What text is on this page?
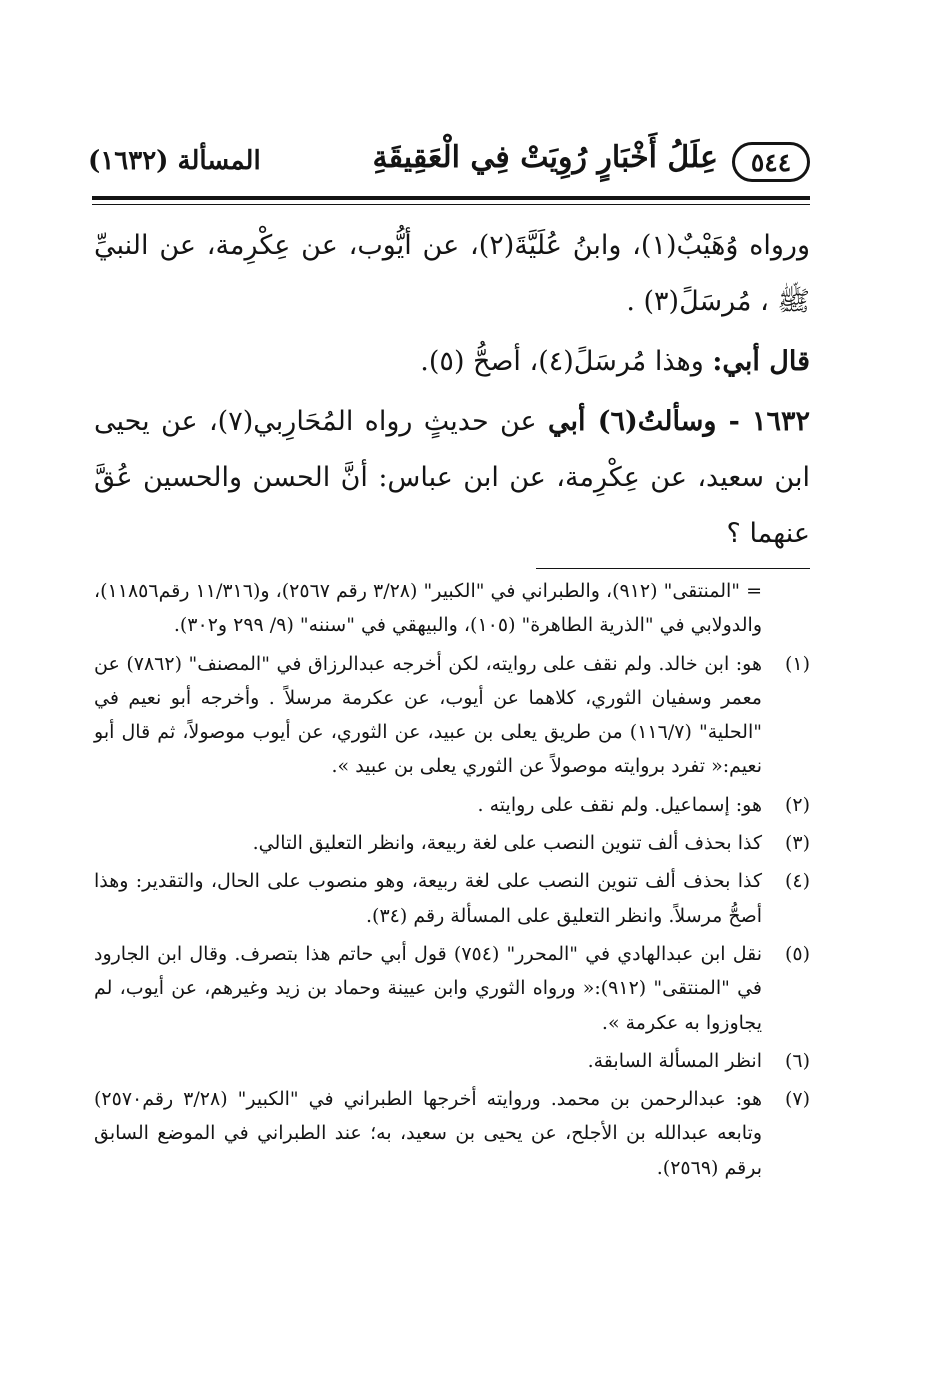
٥٤٤
عِلَلُ أَخْبَارٍ رُوِيَتْ فِي الْعَقِيقَةِ
المسألة (١٦٣٢)

ورواه وُهَيْبٌ(١)، وابنُ عُلَيَّةَ(٢)، عن أيُّوب، عن عِكْرِمة، عن النبيِّ ﷺ ، مُرسَلً(٣) .

قال أبي: وهذا مُرسَلً(٤)، أصحُّ (٥).

١٦٣٢ - وسألتُ(٦) أبي عن حديثٍ رواه المُحَارِبي(٧)، عن يحيى ابن سعيد، عن عِكْرِمة، عن ابن عباس: أنَّ الحسن والحسين عُقَّ عنهما ؟

= "المنتقى" (٩١٢)، والطبراني في "الكبير" (٣/٢٨ رقم ٢٥٦٧)، و(١١/٣١٦ رقم١١٨٥٦)، والدولابي في "الذرية الطاهرة" (١٠٥)، والبيهقي في "سننه" (٩/ ٢٩٩ و٣٠٢).

(١)
هو: ابن خالد. ولم نقف على روايته، لكن أخرجه عبدالرزاق في "المصنف" (٧٨٦٢) عن معمر وسفيان الثوري، كلاهما عن أيوب، عن عكرمة مرسلاً . وأخرجه أبو نعيم في "الحلية" (١١٦/٧) من طريق يعلى بن عبيد، عن الثوري، عن أيوب موصولاً، ثم قال أبو نعيم:« تفرد بروايته موصولاً عن الثوري يعلى بن عبيد ».
(٢)
هو: إسماعيل. ولم نقف على روايته .
(٣)
كذا بحذف ألف تنوين النصب على لغة ربيعة، وانظر التعليق التالي.
(٤)
كذا بحذف ألف تنوين النصب على لغة ربيعة، وهو منصوب على الحال، والتقدير: وهذا أصحُّ مرسلاً. وانظر التعليق على المسألة رقم (٣٤).
(٥)
نقل ابن عبدالهادي في "المحرر" (٧٥٤) قول أبي حاتم هذا بتصرف. وقال ابن الجارود في "المنتقى" (٩١٢):« ورواه الثوري وابن عيينة وحماد بن زيد وغيرهم، عن أيوب، لم يجاوزوا به عكرمة ».
(٦)
انظر المسألة السابقة.
(٧)
هو: عبدالرحمن بن محمد. وروايته أخرجها الطبراني في "الكبير" (٣/٢٨ رقم٢٥٧٠) وتابعه عبدالله بن الأجلح، عن يحيى بن سعيد، به؛ عند الطبراني في الموضع السابق برقم (٢٥٦٩).
